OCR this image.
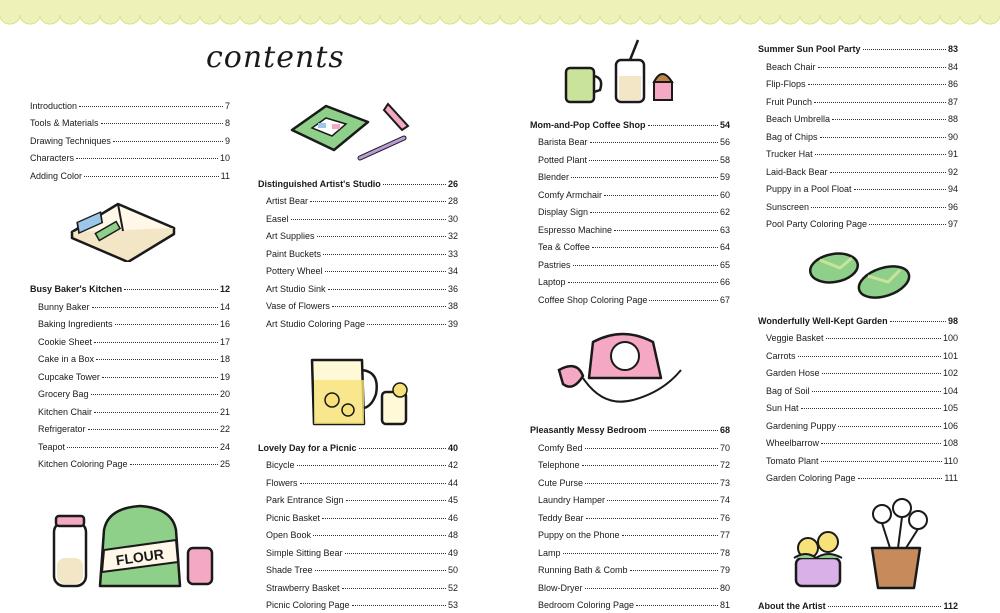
contents
Introduction	7
Tools & Materials	8
Drawing Techniques	9
Characters	10
Adding Color	11
Busy Baker's Kitchen	12
Bunny Baker	14
Baking Ingredients	16
Cookie Sheet	17
Cake in a Box	18
Cupcake Tower	19
Grocery Bag	20
Kitchen Chair	21
Refrigerator	22
Teapot	24
Kitchen Coloring Page	25
Distinguished Artist's Studio	26
Artist Bear	28
Easel	30
Art Supplies	32
Paint Buckets	33
Pottery Wheel	34
Art Studio Sink	36
Vase of Flowers	38
Art Studio Coloring Page	39
Lovely Day for a Picnic	40
Bicycle	42
Flowers	44
Park Entrance Sign	45
Picnic Basket	46
Open Book	48
Simple Sitting Bear	49
Shade Tree	50
Strawberry Basket	52
Picnic Coloring Page	53
Mom-and-Pop Coffee Shop	54
Barista Bear	56
Potted Plant	58
Blender	59
Comfy Armchair	60
Display Sign	62
Espresso Machine	63
Tea & Coffee	64
Pastries	65
Laptop	66
Coffee Shop Coloring Page	67
Pleasantly Messy Bedroom	68
Comfy Bed	70
Telephone	72
Cute Purse	73
Laundry Hamper	74
Teddy Bear	76
Puppy on the Phone	77
Lamp	78
Running Bath & Comb	79
Blow-Dryer	80
Bedroom Coloring Page	81
Summer Sun Pool Party	83
Beach Chair	84
Flip-Flops	86
Fruit Punch	87
Beach Umbrella	88
Bag of Chips	90
Trucker Hat	91
Laid-Back Bear	92
Puppy in a Pool Float	94
Sunscreen	96
Pool Party Coloring Page	97
Wonderfully Well-Kept Garden	98
Veggie Basket	100
Carrots	101
Garden Hose	102
Bag of Soil	104
Sun Hat	105
Gardening Puppy	106
Wheelbarrow	108
Tomato Plant	110
Garden Coloring Page	111
About the Artist	112
FLOUR
